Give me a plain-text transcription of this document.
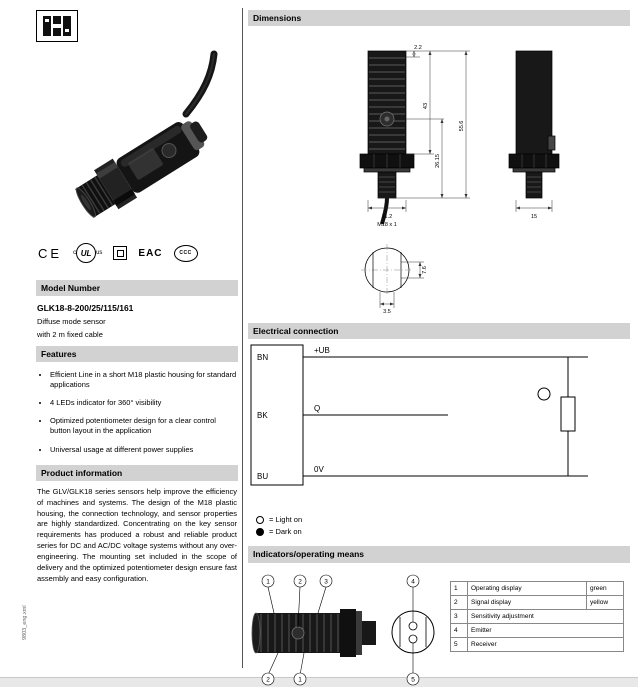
9803_eng.xml
CE c UL us	EAC	CCC
Model Number
GLK18-8-200/25/115/161
Diffuse mode sensor
with 2 m fixed cable
Features
• Efficient Line in a short M18 plastic housing for standard applications
• 4 LEDs indicator for 360° visibility
• Optimized potentiometer design for a clear control button layout in the application
• Universal usage at different power supplies
Product information
The GLV/GLK18 series sensors help improve the efficiency of machines and systems. The design of the M18 plastic housing, the connection technology, and sensor properties are highly standardized. Concentrating on the key sensor requirements has produced a robust and reliable product series for DC and AC/DC voltage systems without any over-engineering. The mounting set included in the scope of delivery and the optimized potentiometer design ensure fast assembly and easy configuration.
Dimensions
2.2
43
26.15
55.6
11.2
M18 x 1
15
7.6
3.5
Electrical connection
BN
BK
BU
+UB
Q
0V
= Light on
= Dark on
Indicators/operating means
1	2	3
2	1
4
5
1	Operating display	green
2	Signal display	yellow
3	Sensitivity adjustment	
4	Emitter	
5	Receiver	
